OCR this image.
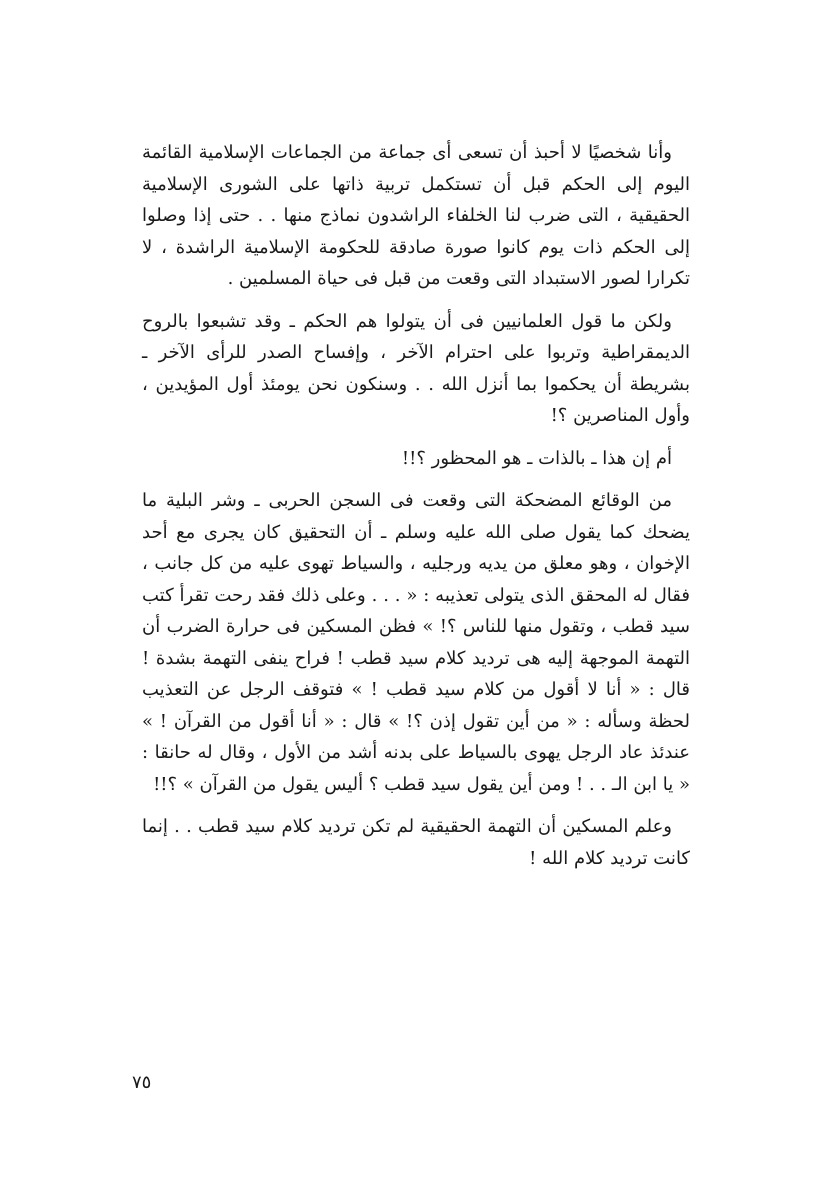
وأنا شخصيًا لا أحبذ أن تسعى أى جماعة من الجماعات الإسلامية القائمة اليوم إلى الحكم قبل أن تستكمل تربية ذاتها على الشورى الإسلامية الحقيقية ، التى ضرب لنا الخلفاء الراشدون نماذج منها . . حتى إذا وصلوا إلى الحكم ذات يوم كانوا صورة صادقة للحكومة الإسلامية الراشدة ، لا تكرارا لصور الاستبداد التى وقعت من قبل فى حياة المسلمين .

ولكن ما قول العلمانيين فى أن يتولوا هم الحكم ـ وقد تشبعوا بالروح الديمقراطية وتربوا على احترام الآخر ، وإفساح الصدر للرأى الآخر ـ بشريطة أن يحكموا بما أنزل الله . . وسنكون نحن يومئذ أول المؤيدين ، وأول المناصرين ؟!

أم إن هذا ـ بالذات ـ هو المحظور ؟!!

من الوقائع المضحكة التى وقعت فى السجن الحربى ـ وشر البلية ما يضحك كما يقول صلى الله عليه وسلم ـ أن التحقيق كان يجرى مع أحد الإخوان ، وهو معلق من يديه ورجليه ، والسياط تهوى عليه من كل جانب ، فقال له المحقق الذى يتولى تعذيبه : « . . . وعلى ذلك فقد رحت تقرأ كتب سيد قطب ، وتقول منها للناس ؟! » فظن المسكين فى حرارة الضرب أن التهمة الموجهة إليه هى ترديد كلام سيد قطب ! فراح ينفى التهمة بشدة ! قال : « أنا لا أقول من كلام سيد قطب ! » فتوقف الرجل عن التعذيب لحظة وسأله : « من أين تقول إذن ؟! » قال : « أنا أقول من القرآن ! » عندئذ عاد الرجل يهوى بالسياط على بدنه أشد من الأول ، وقال له حانقا : « يا ابن الـ . . ! ومن أين يقول سيد قطب ؟ أليس يقول من القرآن » ؟!!

وعلم المسكين أن التهمة الحقيقية لم تكن ترديد كلام سيد قطب . . إنما كانت ترديد كلام الله !

٧٥
